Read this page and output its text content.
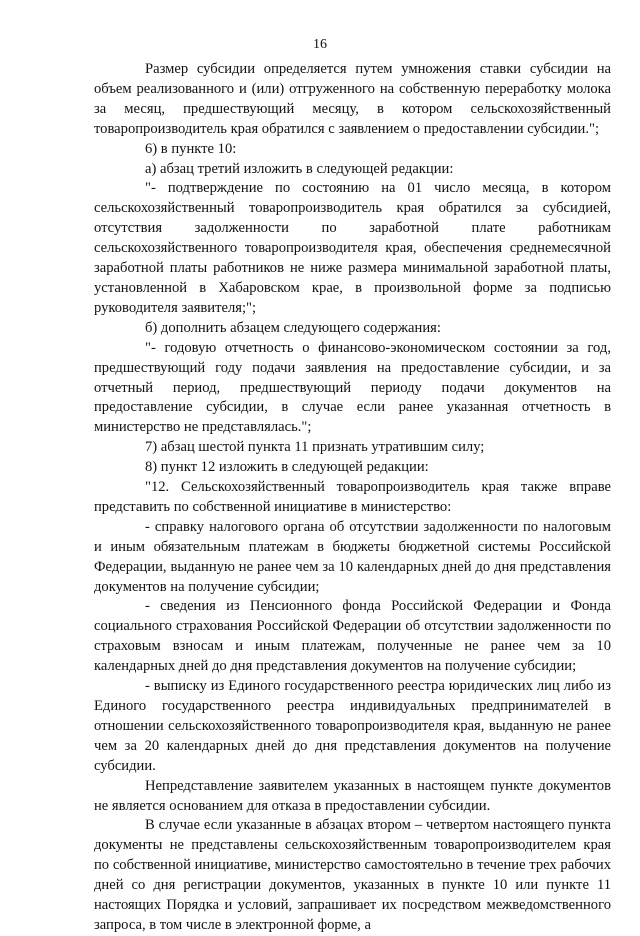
16

Размер субсидии определяется путем умножения ставки субсидии на объем реализованного и (или) отгруженного на собственную переработку молока за месяц, предшествующий месяцу, в котором сельскохозяйственный товаропроизводитель края обратился с заявлением о предоставлении субсидии.";

6) в пункте 10:

а) абзац третий изложить в следующей редакции:

"- подтверждение по состоянию на 01 число месяца, в котором сельскохозяйственный товаропроизводитель края обратился за субсидией, отсутствия задолженности по заработной плате работникам сельскохозяйственного товаропроизводителя края, обеспечения среднемесячной заработной платы работников не ниже размера минимальной заработной платы, установленной в Хабаровском крае, в произвольной форме за подписью руководителя заявителя;";

б) дополнить абзацем следующего содержания:

"- годовую отчетность о финансово-экономическом состоянии за год, предшествующий году подачи заявления на предоставление субсидии, и за отчетный период, предшествующий периоду подачи документов на предоставление субсидии, в случае если ранее указанная отчетность в министерство не представлялась.";

7) абзац шестой пункта 11 признать утратившим силу;

8) пункт 12 изложить в следующей редакции:

"12. Сельскохозяйственный товаропроизводитель края также вправе представить по собственной инициативе в министерство:

- справку налогового органа об отсутствии задолженности по налоговым и иным обязательным платежам в бюджеты бюджетной системы Российской Федерации, выданную не ранее чем за 10 календарных дней до дня представления документов на получение субсидии;

- сведения из Пенсионного фонда Российской Федерации и Фонда социального страхования Российской Федерации об отсутствии задолженности по страховым взносам и иным платежам, полученные не ранее чем за 10 календарных дней до дня представления документов на получение субсидии;

- выписку из Единого государственного реестра юридических лиц либо из Единого государственного реестра индивидуальных предпринимателей в отношении сельскохозяйственного товаропроизводителя края, выданную не ранее чем за 20 календарных дней до дня представления документов на получение субсидии.

Непредставление заявителем указанных в настоящем пункте документов не является основанием для отказа в предоставлении субсидии.

В случае если указанные в абзацах втором – четвертом настоящего пункта документы не представлены сельскохозяйственным товаропроизводителем края по собственной инициативе, министерство самостоятельно в течение трех рабочих дней со дня регистрации документов, указанных в пункте 10 или пункте 11 настоящих Порядка и условий, запрашивает их посредством межведомственного запроса, в том числе в электронной форме, а
